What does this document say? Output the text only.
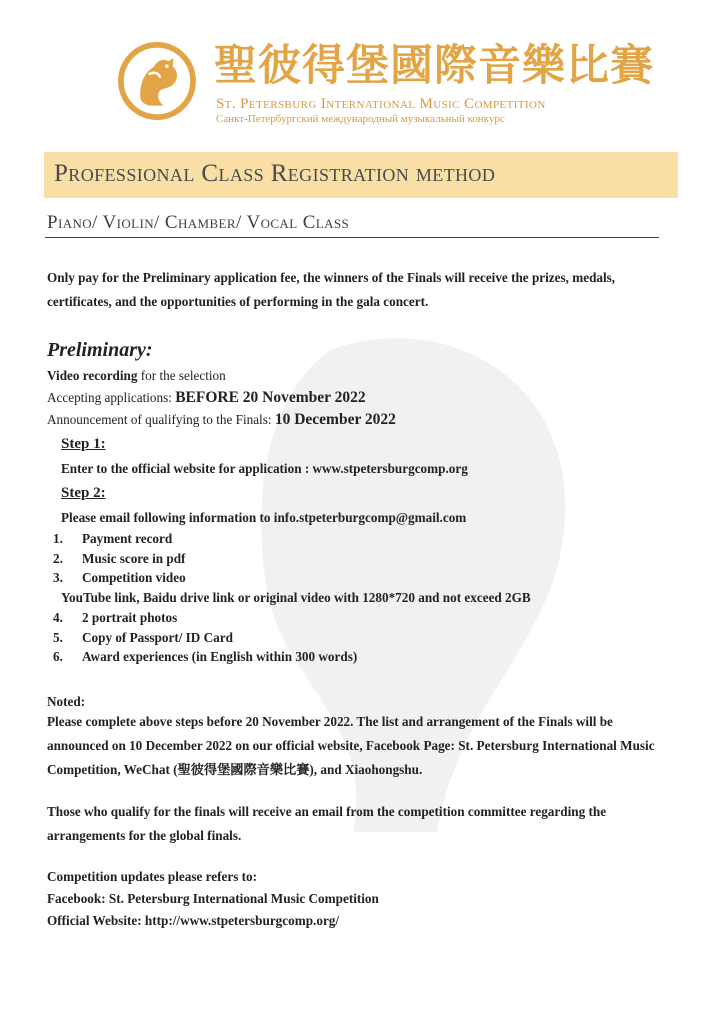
聖彼得堡國際音樂比賽
St. Petersburg International Music Competition
Санкт-Петербургский международный музыкальный конкурс
Professional Class Registration method
Piano/ Violin/ Chamber/ Vocal Class
Only pay for the Preliminary application fee, the winners of the Finals will receive the prizes, medals, certificates, and the opportunities of performing in the gala concert.
Preliminary:
Video recording for the selection
Accepting applications: BEFORE 20 November 2022
Announcement of qualifying to the Finals: 10 December 2022
Step 1:
Enter to the official website for application : www.stpetersburgcomp.org
Step 2:
Please email following information to info.stpeterburgcomp@gmail.com
1. Payment record
2. Music score in pdf
3. Competition video
YouTube link, Baidu drive link or original video with 1280*720 and not exceed 2GB
4. 2 portrait photos
5. Copy of Passport/ ID Card
6. Award experiences (in English within 300 words)
Noted:
Please complete above steps before 20 November 2022. The list and arrangement of the Finals will be announced on 10 December 2022 on our official website, Facebook Page: St. Petersburg International Music Competition, WeChat (聖彼得堡國際音樂比賽), and Xiaohongshu.
Those who qualify for the finals will receive an email from the competition committee regarding the arrangements for the global finals.
Competition updates please refers to:
Facebook: St. Petersburg International Music Competition
Official Website: http://www.stpetersburgcomp.org/
